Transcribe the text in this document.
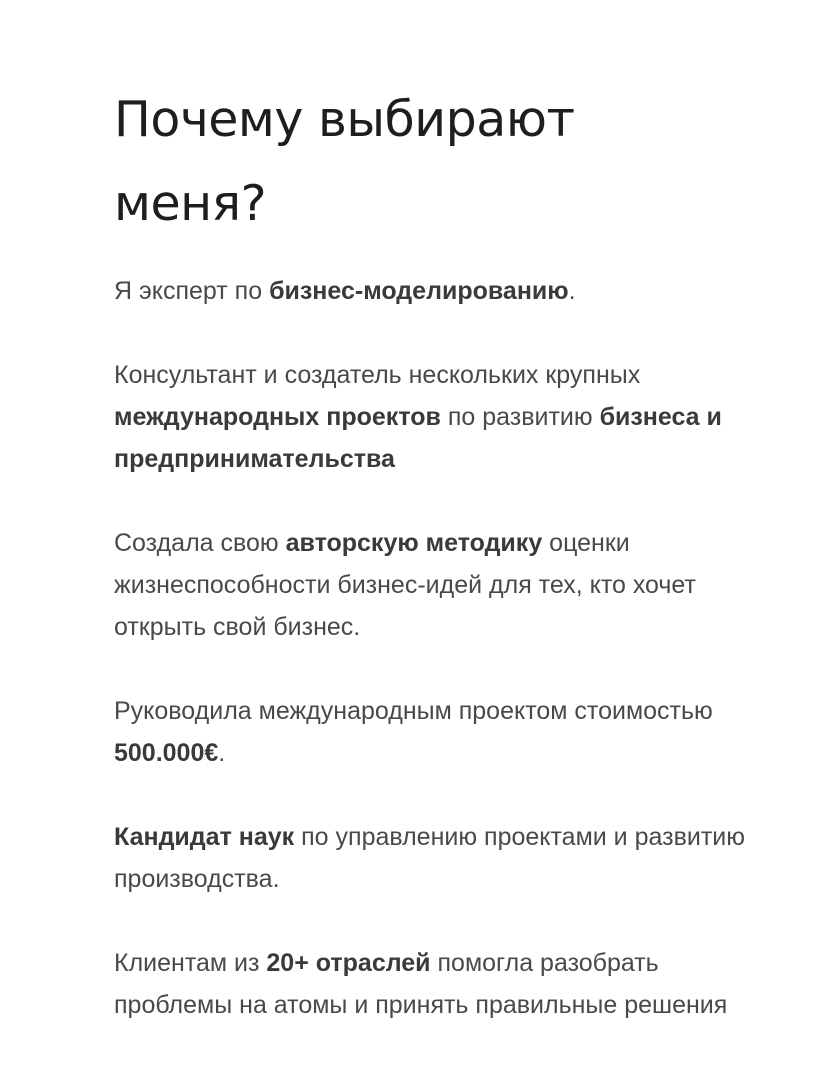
Почему выбирают
меня?

Я эксперт по бизнес-моделированию.

Консультант и создатель нескольких крупных международных проектов по развитию бизнеса и предпринимательства

Создала свою авторскую методику оценки жизнеспособности бизнес-идей для тех, кто хочет открыть свой бизнес.

Руководила международным проектом стоимостью 500.000€.

Кандидат наук по управлению проектами и развитию производства.

Клиентам из 20+ отраслей помогла разобрать проблемы на атомы и принять правильные решения
